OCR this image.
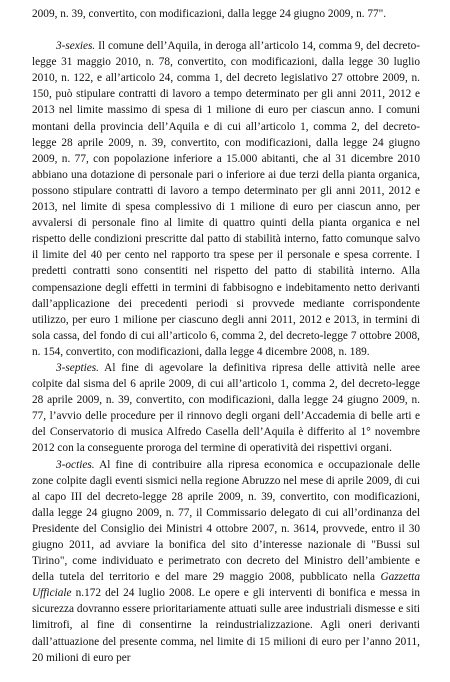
2009, n. 39, convertito, con modificazioni, dalla legge 24 giugno 2009, n. 77".

3-sexies. Il comune dell’Aquila, in deroga all’articolo 14, comma 9, del decreto-legge 31 maggio 2010, n. 78, convertito, con modificazioni, dalla legge 30 luglio 2010, n. 122, e all’articolo 24, comma 1, del decreto legislativo 27 ottobre 2009, n. 150, può stipulare contratti di lavoro a tempo determinato per gli anni 2011, 2012 e 2013 nel limite massimo di spesa di 1 milione di euro per ciascun anno. I comuni montani della provincia dell’Aquila e di cui all’articolo 1, comma 2, del decreto-legge 28 aprile 2009, n. 39, convertito, con modificazioni, dalla legge 24 giugno 2009, n. 77, con popolazione inferiore a 15.000 abitanti, che al 31 dicembre 2010 abbiano una dotazione di personale pari o inferiore ai due terzi della pianta organica, possono stipulare contratti di lavoro a tempo determinato per gli anni 2011, 2012 e 2013, nel limite di spesa complessivo di 1 milione di euro per ciascun anno, per avvalersi di personale fino al limite di quattro quinti della pianta organica e nel rispetto delle condizioni prescritte dal patto di stabilità interno, fatto comunque salvo il limite del 40 per cento nel rapporto tra spese per il personale e spesa corrente. I predetti contratti sono consentiti nel rispetto del patto di stabilità interno. Alla compensazione degli effetti in termini di fabbisogno e indebitamento netto derivanti dall’applicazione dei precedenti periodi si provvede mediante corrispondente utilizzo, per euro 1 milione per ciascuno degli anni 2011, 2012 e 2013, in termini di sola cassa, del fondo di cui all’articolo 6, comma 2, del decreto-legge 7 ottobre 2008, n. 154, convertito, con modificazioni, dalla legge 4 dicembre 2008, n. 189.

3-septies. Al fine di agevolare la definitiva ripresa delle attività nelle aree colpite dal sisma del 6 aprile 2009, di cui all’articolo 1, comma 2, del decreto-legge 28 aprile 2009, n. 39, convertito, con modificazioni, dalla legge 24 giugno 2009, n. 77, l’avvio delle procedure per il rinnovo degli organi dell’Accademia di belle arti e del Conservatorio di musica Alfredo Casella dell’Aquila è differito al 1° novembre 2012 con la conseguente proroga del termine di operatività dei rispettivi organi.

3-octies. Al fine di contribuire alla ripresa economica e occupazionale delle zone colpite dagli eventi sismici nella regione Abruzzo nel mese di aprile 2009, di cui al capo III del decreto-legge 28 aprile 2009, n. 39, convertito, con modificazioni, dalla legge 24 giugno 2009, n. 77, il Commissario delegato di cui all’ordinanza del Presidente del Consiglio dei Ministri 4 ottobre 2007, n. 3614, provvede, entro il 30 giugno 2011, ad avviare la bonifica del sito d’interesse nazionale di "Bussi sul Tirino", come individuato e perimetrato con decreto del Ministro dell’ambiente e della tutela del territorio e del mare 29 maggio 2008, pubblicato nella Gazzetta Ufficiale n.172 del 24 luglio 2008. Le opere e gli interventi di bonifica e messa in sicurezza dovranno essere prioritariamente attuati sulle aree industriali dismesse e siti limitrofi, al fine di consentirne la reindustrializzazione. Agli oneri derivanti dall’attuazione del presente comma, nel limite di 15 milioni di euro per l’anno 2011, 20 milioni di euro per
